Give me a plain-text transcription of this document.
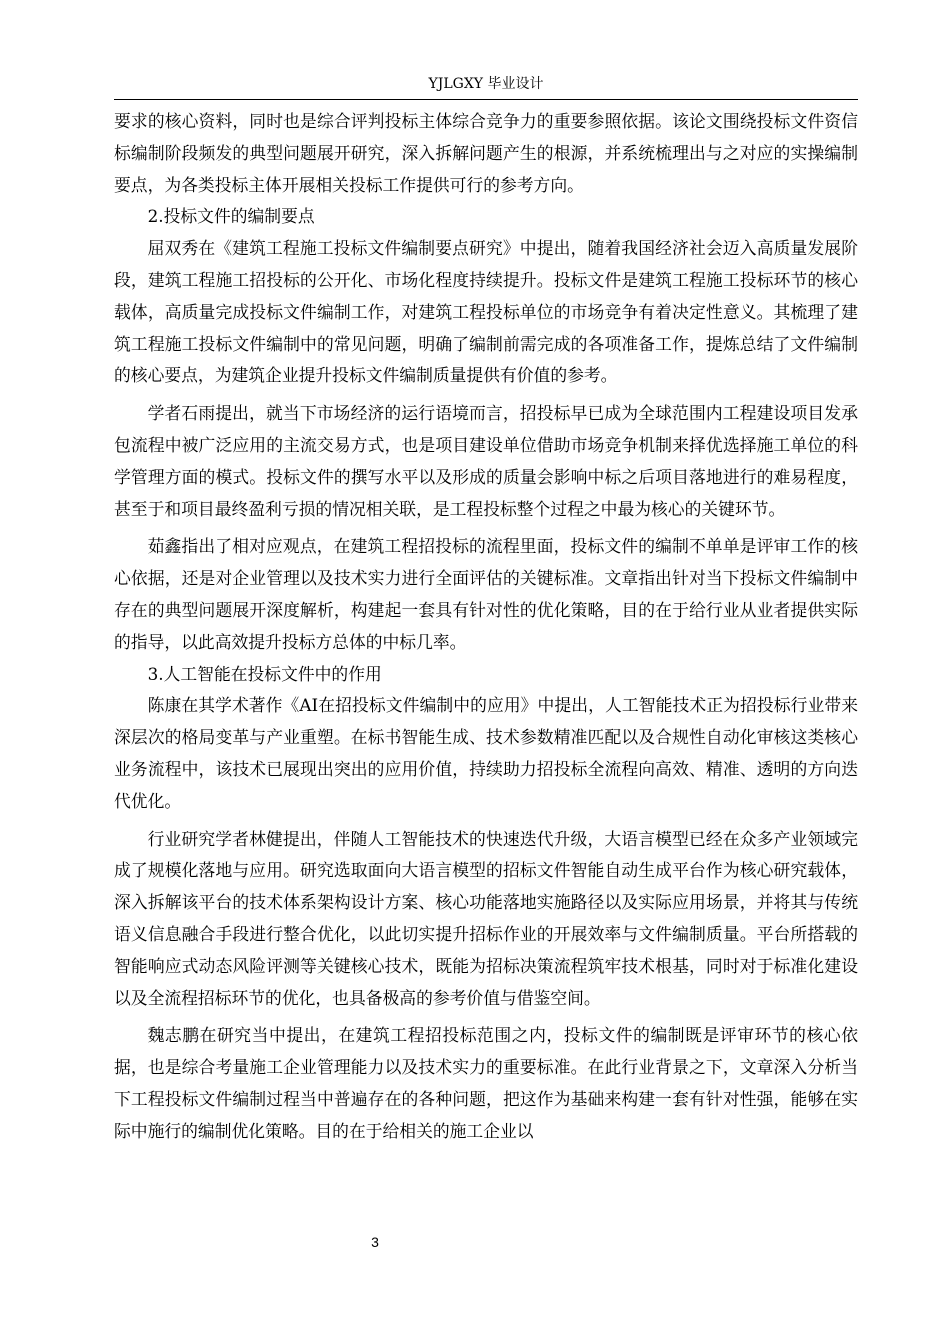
YJLGXY 毕业设计

要求的核心资料，同时也是综合评判投标主体综合竞争力的重要参照依据。该论文围绕投标文件资信标编制阶段频发的典型问题展开研究，深入拆解问题产生的根源，并系统梳理出与之对应的实操编制要点，为各类投标主体开展相关投标工作提供可行的参考方向。

2.投标文件的编制要点

屈双秀在《建筑工程施工投标文件编制要点研究》中提出，随着我国经济社会迈入高质量发展阶段，建筑工程施工招投标的公开化、市场化程度持续提升。投标文件是建筑工程施工投标环节的核心载体，高质量完成投标文件编制工作，对建筑工程投标单位的市场竞争有着决定性意义。其梳理了建筑工程施工投标文件编制中的常见问题，明确了编制前需完成的各项准备工作，提炼总结了文件编制的核心要点，为建筑企业提升投标文件编制质量提供有价值的参考。

学者石雨提出，就当下市场经济的运行语境而言，招投标早已成为全球范围内工程建设项目发承包流程中被广泛应用的主流交易方式，也是项目建设单位借助市场竞争机制来择优选择施工单位的科学管理方面的模式。投标文件的撰写水平以及形成的质量会影响中标之后项目落地进行的难易程度，甚至于和项目最终盈利亏损的情况相关联，是工程投标整个过程之中最为核心的关键环节。

茹鑫指出了相对应观点，在建筑工程招投标的流程里面，投标文件的编制不单单是评审工作的核心依据，还是对企业管理以及技术实力进行全面评估的关键标准。文章指出针对当下投标文件编制中存在的典型问题展开深度解析，构建起一套具有针对性的优化策略，目的在于给行业从业者提供实际的指导，以此高效提升投标方总体的中标几率。

3.人工智能在投标文件中的作用

陈康在其学术著作《AI在招投标文件编制中的应用》中提出，人工智能技术正为招投标行业带来深层次的格局变革与产业重塑。在标书智能生成、技术参数精准匹配以及合规性自动化审核这类核心业务流程中，该技术已展现出突出的应用价值，持续助力招投标全流程向高效、精准、透明的方向迭代优化。

行业研究学者林健提出，伴随人工智能技术的快速迭代升级，大语言模型已经在众多产业领域完成了规模化落地与应用。研究选取面向大语言模型的招标文件智能自动生成平台作为核心研究载体，深入拆解该平台的技术体系架构设计方案、核心功能落地实施路径以及实际应用场景，并将其与传统语义信息融合手段进行整合优化，以此切实提升招标作业的开展效率与文件编制质量。平台所搭载的智能响应式动态风险评测等关键核心技术，既能为招标决策流程筑牢技术根基，同时对于标准化建设以及全流程招标环节的优化，也具备极高的参考价值与借鉴空间。

魏志鹏在研究当中提出，在建筑工程招投标范围之内，投标文件的编制既是评审环节的核心依据，也是综合考量施工企业管理能力以及技术实力的重要标准。在此行业背景之下，文章深入分析当下工程投标文件编制过程当中普遍存在的各种问题，把这作为基础来构建一套有针对性强，能够在实际中施行的编制优化策略。目的在于给相关的施工企业以

3
